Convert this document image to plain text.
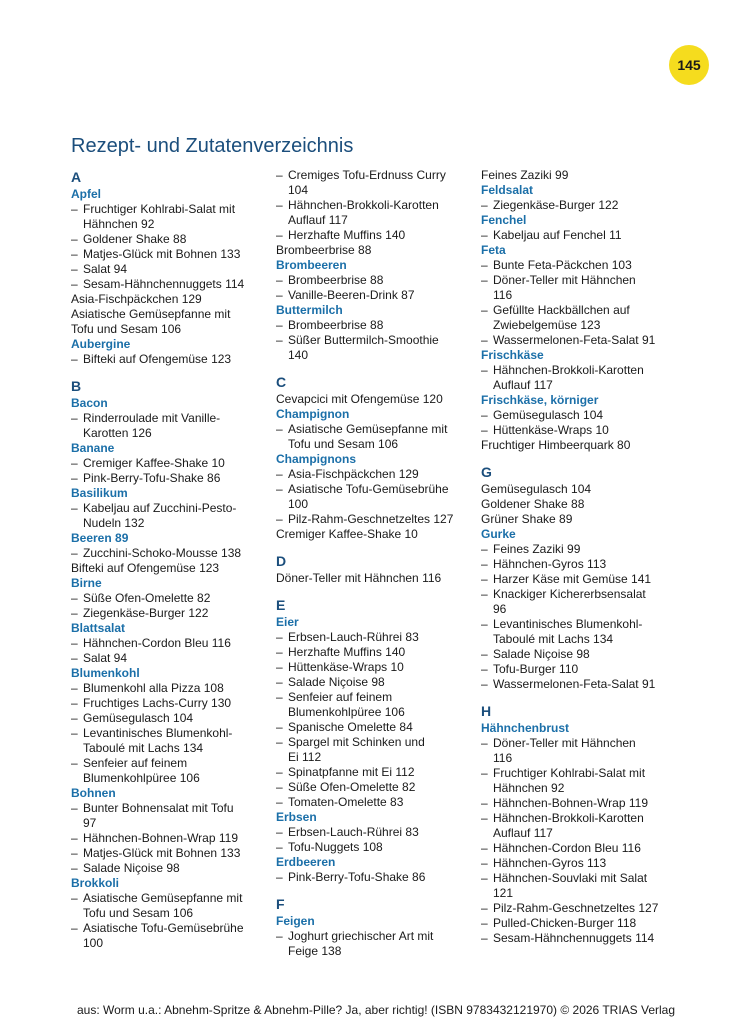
145
Rezept- und Zutatenverzeichnis
A
Apfel
– Fruchtiger Kohlrabi-Salat mit
Hähnchen 92
– Goldener Shake 88
– Matjes-Glück mit Bohnen 133
– Salat 94
– Sesam-Hähnchennuggets 114
Asia-Fischpäckchen 129
Asiatische Gemüsepfanne mit
Tofu und Sesam 106
Aubergine
– Bifteki auf Ofengemüse 123
B
Bacon
– Rinderroulade mit Vanille-
Karotten 126
Banane
– Cremiger Kaffee-Shake 10
– Pink-Berry-Tofu-Shake 86
Basilikum
– Kabeljau auf Zucchini-Pesto-
Nudeln 132
Beeren 89
– Zucchini-Schoko-Mousse 138
Bifteki auf Ofengemüse 123
Birne
– Süße Ofen-Omelette 82
– Ziegenkäse-Burger 122
Blattsalat
– Hähnchen-Cordon Bleu 116
– Salat 94
Blumenkohl
– Blumenkohl alla Pizza 108
– Fruchtiges Lachs-Curry 130
– Gemüsegulasch 104
– Levantinisches Blumenkohl-
Taboulé mit Lachs 134
– Senfeier auf feinem
Blumenkohlpüree 106
Bohnen
– Bunter Bohnensalat mit Tofu
97
– Hähnchen-Bohnen-Wrap 119
– Matjes-Glück mit Bohnen 133
– Salade Niçoise 98
Brokkoli
– Asiatische Gemüsepfanne mit
Tofu und Sesam 106
– Asiatische Tofu-Gemüsebrühe
100
– Cremiges Tofu-Erdnuss Curry
104
– Hähnchen-Brokkoli-Karotten
Auflauf 117
– Herzhafte Muffins 140
Brombeerbrise 88
Brombeeren
– Brombeerbrise 88
– Vanille-Beeren-Drink 87
Buttermilch
– Brombeerbrise 88
– Süßer Buttermilch-Smoothie
140
C
Cevapcici mit Ofengemüse 120
Champignon
– Asiatische Gemüsepfanne mit
Tofu und Sesam 106
Champignons
– Asia-Fischpäckchen 129
– Asiatische Tofu-Gemüsebrühe
100
– Pilz-Rahm-Geschnetzeltes 127
Cremiger Kaffee-Shake 10
D
Döner-Teller mit Hähnchen 116
E
Eier
– Erbsen-Lauch-Rührei 83
– Herzhafte Muffins 140
– Hüttenkäse-Wraps 10
– Salade Niçoise 98
– Senfeier auf feinem
Blumenkohlpüree 106
– Spanische Omelette 84
– Spargel mit Schinken und
Ei 112
– Spinatpfanne mit Ei 112
– Süße Ofen-Omelette 82
– Tomaten-Omelette 83
Erbsen
– Erbsen-Lauch-Rührei 83
– Tofu-Nuggets 108
Erdbeeren
– Pink-Berry-Tofu-Shake 86
F
Feigen
– Joghurt griechischer Art mit
Feige 138
Feines Zaziki 99
Feldsalat
– Ziegenkäse-Burger 122
Fenchel
– Kabeljau auf Fenchel 11
Feta
– Bunte Feta-Päckchen 103
– Döner-Teller mit Hähnchen
116
– Gefüllte Hackbällchen auf
Zwiebelgemüse 123
– Wassermelonen-Feta-Salat 91
Frischkäse
– Hähnchen-Brokkoli-Karotten
Auflauf 117
Frischkäse, körniger
– Gemüsegulasch 104
– Hüttenkäse-Wraps 10
Fruchtiger Himbeerquark 80
G
Gemüsegulasch 104
Goldener Shake 88
Grüner Shake 89
Gurke
– Feines Zaziki 99
– Hähnchen-Gyros 113
– Harzer Käse mit Gemüse 141
– Knackiger Kichererbsensalat
96
– Levantinisches Blumenkohl-
Taboulé mit Lachs 134
– Salade Niçoise 98
– Tofu-Burger 110
– Wassermelonen-Feta-Salat 91
H
Hähnchenbrust
– Döner-Teller mit Hähnchen
116
– Fruchtiger Kohlrabi-Salat mit
Hähnchen 92
– Hähnchen-Bohnen-Wrap 119
– Hähnchen-Brokkoli-Karotten
Auflauf 117
– Hähnchen-Cordon Bleu 116
– Hähnchen-Gyros 113
– Hähnchen-Souvlaki mit Salat
121
– Pilz-Rahm-Geschnetzeltes 127
– Pulled-Chicken-Burger 118
– Sesam-Hähnchennuggets 114
aus: Worm u.a.: Abnehm-Spritze & Abnehm-Pille? Ja, aber richtig! (ISBN 9783432121970) © 2026 TRIAS Verlag
